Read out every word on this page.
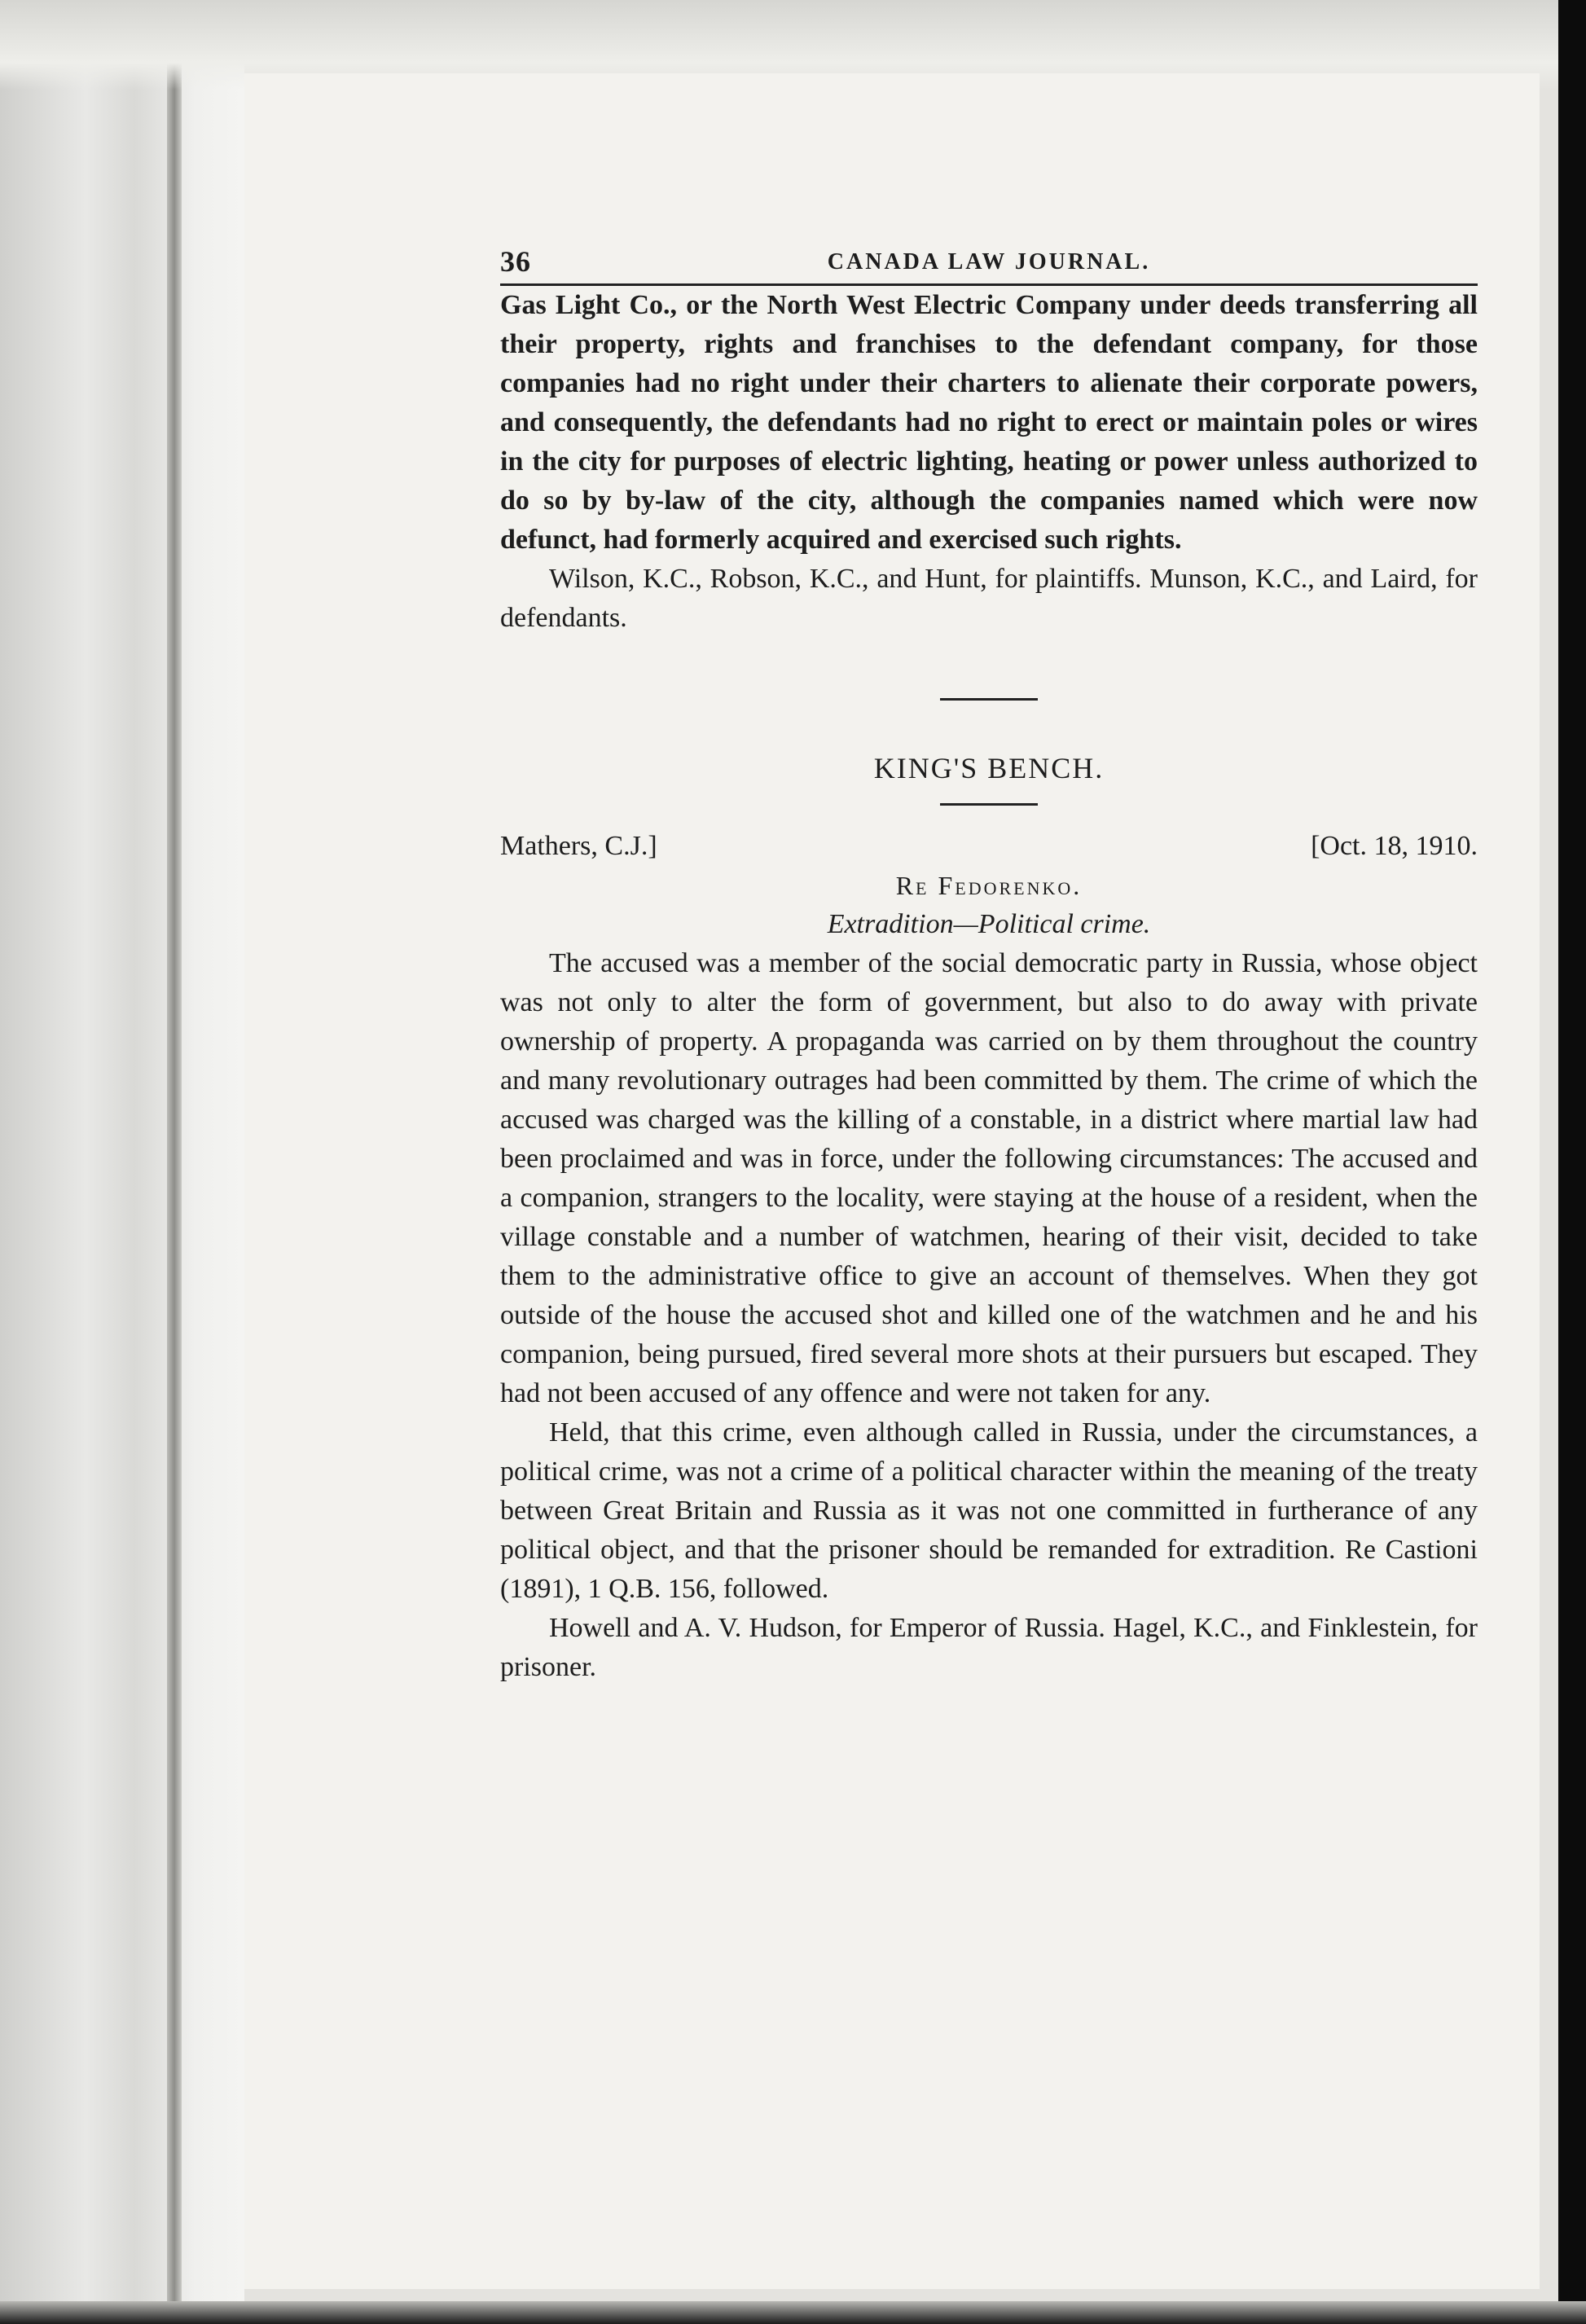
36	CANADA LAW JOURNAL.

Gas Light Co., or the North West Electric Company under deeds transferring all their property, rights and franchises to the defendant company, for those companies had no right under their charters to alienate their corporate powers, and consequently, the defendants had no right to erect or maintain poles or wires in the city for purposes of electric lighting, heating or power unless authorized to do so by by-law of the city, although the companies named which were now defunct, had formerly acquired and exercised such rights.

Wilson, K.C., Robson, K.C., and Hunt, for plaintiffs. Munson, K.C., and Laird, for defendants.

KING'S BENCH.
Mathers, C.J.]	[Oct. 18, 1910.
Re Fedorenko.
Extradition—Political crime.

The accused was a member of the social democratic party in Russia, whose object was not only to alter the form of government, but also to do away with private ownership of property. A propaganda was carried on by them throughout the country and many revolutionary outrages had been committed by them. The crime of which the accused was charged was the killing of a constable, in a district where martial law had been proclaimed and was in force, under the following circumstances: The accused and a companion, strangers to the locality, were staying at the house of a resident, when the village constable and a number of watchmen, hearing of their visit, decided to take them to the administrative office to give an account of themselves. When they got outside of the house the accused shot and killed one of the watchmen and he and his companion, being pursued, fired several more shots at their pursuers but escaped. They had not been accused of any offence and were not taken for any.

Held, that this crime, even although called in Russia, under the circumstances, a political crime, was not a crime of a political character within the meaning of the treaty between Great Britain and Russia as it was not one committed in furtherance of any political object, and that the prisoner should be remanded for extradition. Re Castioni (1891), 1 Q.B. 156, followed.

Howell and A. V. Hudson, for Emperor of Russia. Hagel, K.C., and Finklestein, for prisoner.
